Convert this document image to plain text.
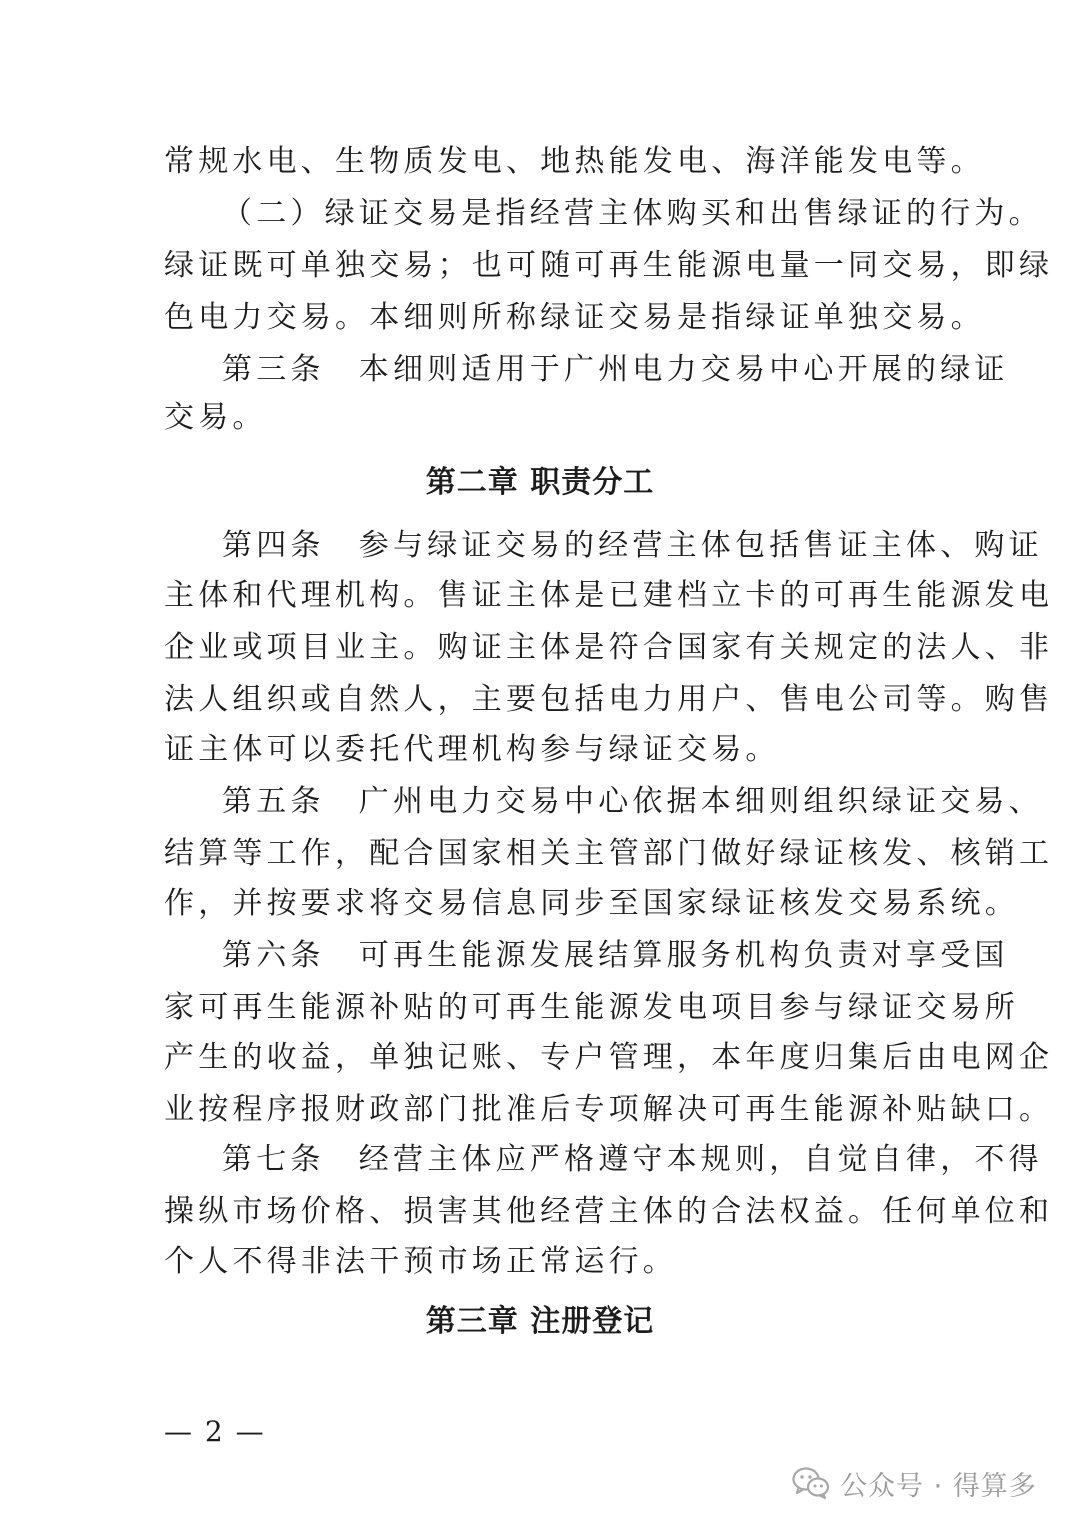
常规水电、生物质发电、地热能发电、海洋能发电等。
（二）绿证交易是指经营主体购买和出售绿证的行为。
绿证既可单独交易；也可随可再生能源电量一同交易，即绿
色电力交易。本细则所称绿证交易是指绿证单独交易。
第三条　本细则适用于广州电力交易中心开展的绿证
交易。
第二章 职责分工
第四条　参与绿证交易的经营主体包括售证主体、购证
主体和代理机构。售证主体是已建档立卡的可再生能源发电
企业或项目业主。购证主体是符合国家有关规定的法人、非
法人组织或自然人，主要包括电力用户、售电公司等。购售
证主体可以委托代理机构参与绿证交易。
第五条　广州电力交易中心依据本细则组织绿证交易、
结算等工作，配合国家相关主管部门做好绿证核发、核销工
作，并按要求将交易信息同步至国家绿证核发交易系统。
第六条　可再生能源发展结算服务机构负责对享受国
家可再生能源补贴的可再生能源发电项目参与绿证交易所
产生的收益，单独记账、专户管理，本年度归集后由电网企
业按程序报财政部门批准后专项解决可再生能源补贴缺口。
第七条　经营主体应严格遵守本规则，自觉自律，不得
操纵市场价格、损害其他经营主体的合法权益。任何单位和
个人不得非法干预市场正常运行。
第三章 注册登记
— 2 —
公众号 · 得算多
